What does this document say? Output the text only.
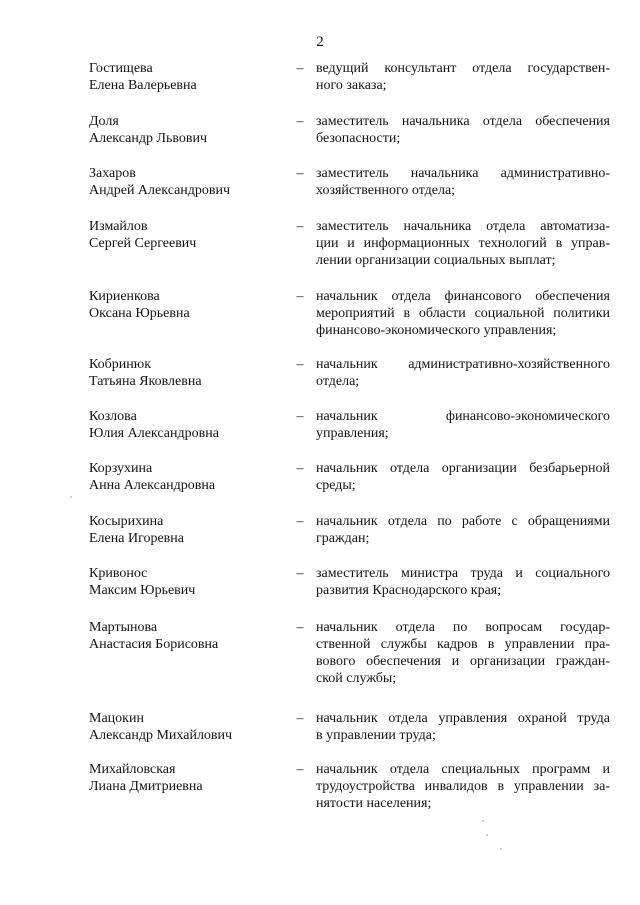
2
Гостищева
Елена Валерьевна
– ведущий консультант отдела государствен-
ного заказа;
Доля
Александр Львович
– заместитель начальника отдела обеспечения
безопасности;
Захаров
Андрей Александрович
– заместитель начальника административно-
хозяйственного отдела;
Измайлов
Сергей Сергеевич
– заместитель начальника отдела автоматиза-
ции и информационных технологий в управ-
лении организации социальных выплат;
Кириенкова
Оксана Юрьевна
– начальник отдела финансового обеспечения
мероприятий в области социальной политики
финансово-экономического управления;
Кобринюк
Татьяна Яковлевна
– начальник административно-хозяйственного
отдела;
Козлова
Юлия Александровна
– начальник финансово-экономического
управления;
Корзухина
Анна Александровна
– начальник отдела организации безбарьерной
среды;
Косырихина
Елена Игоревна
– начальник отдела по работе с обращениями
граждан;
Кривонос
Максим Юрьевич
– заместитель министра труда и социального
развития Краснодарского края;
Мартынова
Анастасия Борисовна
– начальник отдела по вопросам государ-
ственной службы кадров в управлении пра-
вового обеспечения и организации граждан-
ской службы;
Мацокин
Александр Михайлович
– начальник отдела управления охраной труда
в управлении труда;
Михайловская
Лиана Дмитриевна
– начальник отдела специальных программ и
трудоустройства инвалидов в управлении за-
нятости населения;
